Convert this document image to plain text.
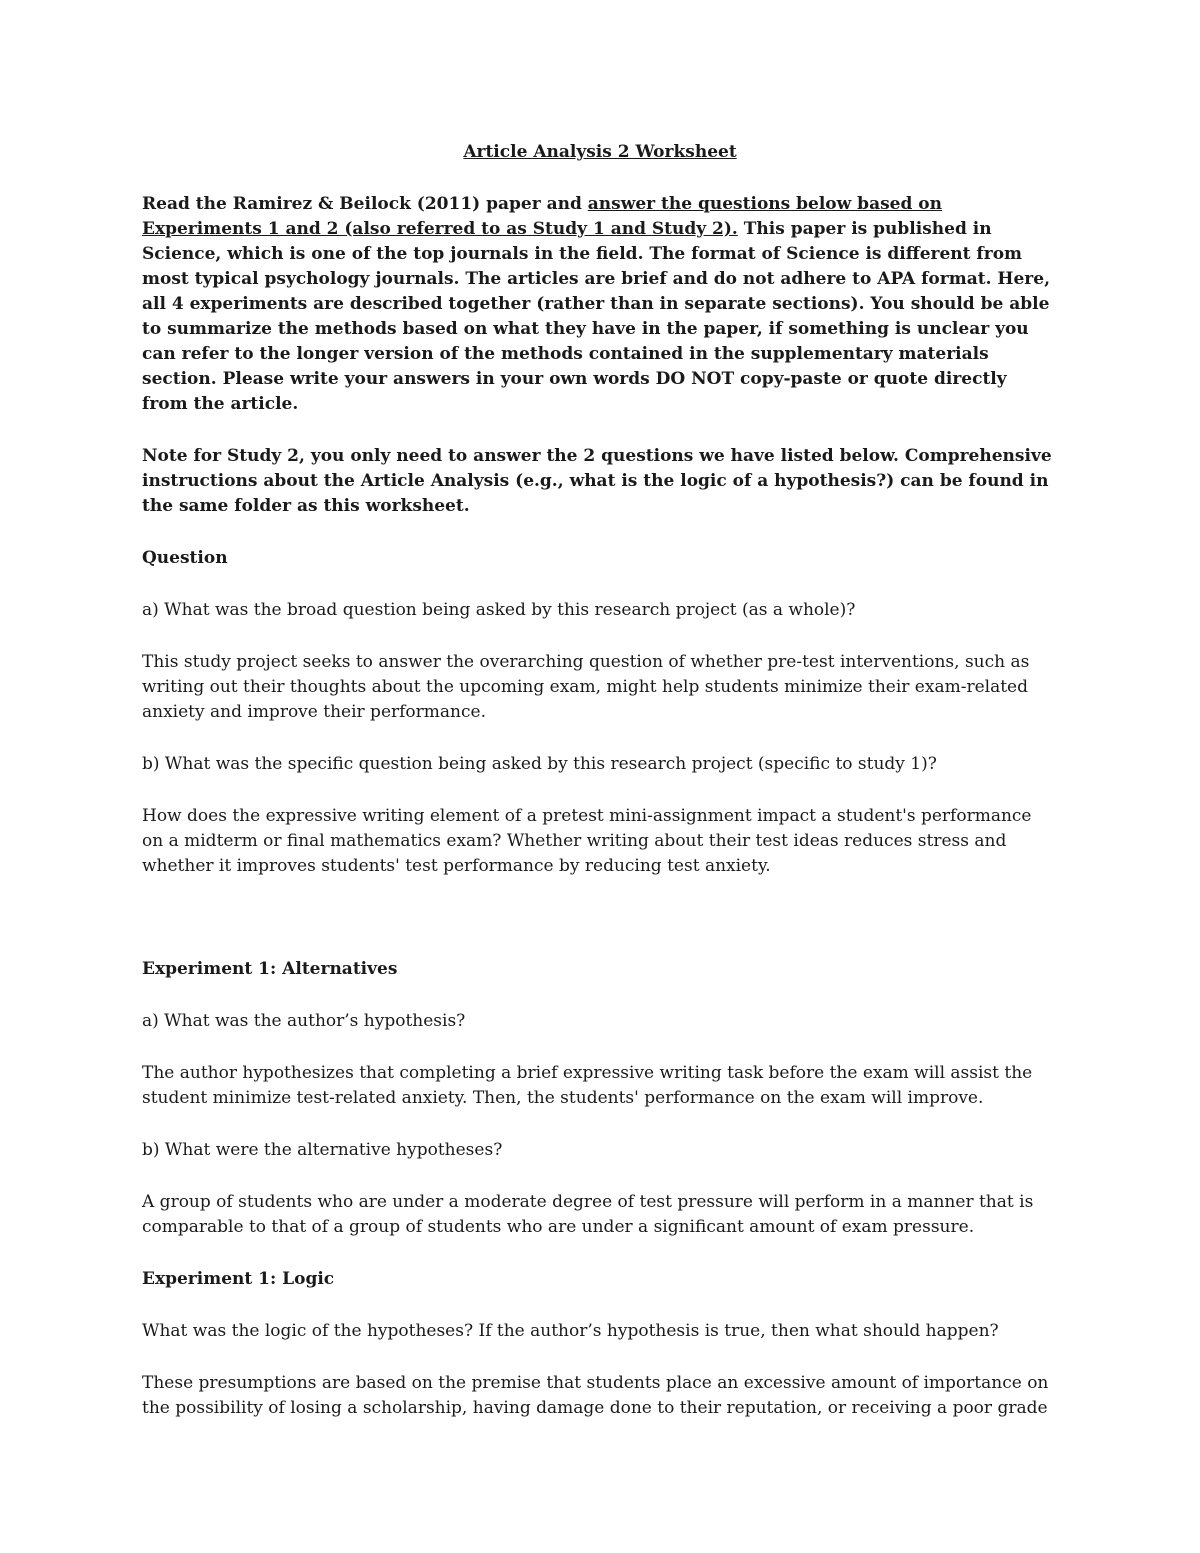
Article Analysis 2 Worksheet

Read the Ramirez & Beilock (2011) paper and answer the questions below based on Experiments 1 and 2 (also referred to as Study 1 and Study 2). This paper is published in Science, which is one of the top journals in the field. The format of Science is different from most typical psychology journals. The articles are brief and do not adhere to APA format. Here, all 4 experiments are described together (rather than in separate sections). You should be able to summarize the methods based on what they have in the paper, if something is unclear you can refer to the longer version of the methods contained in the supplementary materials section. Please write your answers in your own words DO NOT copy-paste or quote directly from the article.

Note for Study 2, you only need to answer the 2 questions we have listed below. Comprehensive instructions about the Article Analysis (e.g., what is the logic of a hypothesis?) can be found in the same folder as this worksheet.

Question

a) What was the broad question being asked by this research project (as a whole)?

This study project seeks to answer the overarching question of whether pre-test interventions, such as writing out their thoughts about the upcoming exam, might help students minimize their exam-related anxiety and improve their performance.

b) What was the specific question being asked by this research project (specific to study 1)?

How does the expressive writing element of a pretest mini-assignment impact a student's performance on a midterm or final mathematics exam? Whether writing about their test ideas reduces stress and whether it improves students' test performance by reducing test anxiety.

Experiment 1: Alternatives

a) What was the author’s hypothesis?

The author hypothesizes that completing a brief expressive writing task before the exam will assist the student minimize test-related anxiety. Then, the students' performance on the exam will improve.

b) What were the alternative hypotheses?

A group of students who are under a moderate degree of test pressure will perform in a manner that is comparable to that of a group of students who are under a significant amount of exam pressure.

Experiment 1: Logic

What was the logic of the hypotheses? If the author’s hypothesis is true, then what should happen?

These presumptions are based on the premise that students place an excessive amount of importance on the possibility of losing a scholarship, having damage done to their reputation, or receiving a poor grade
